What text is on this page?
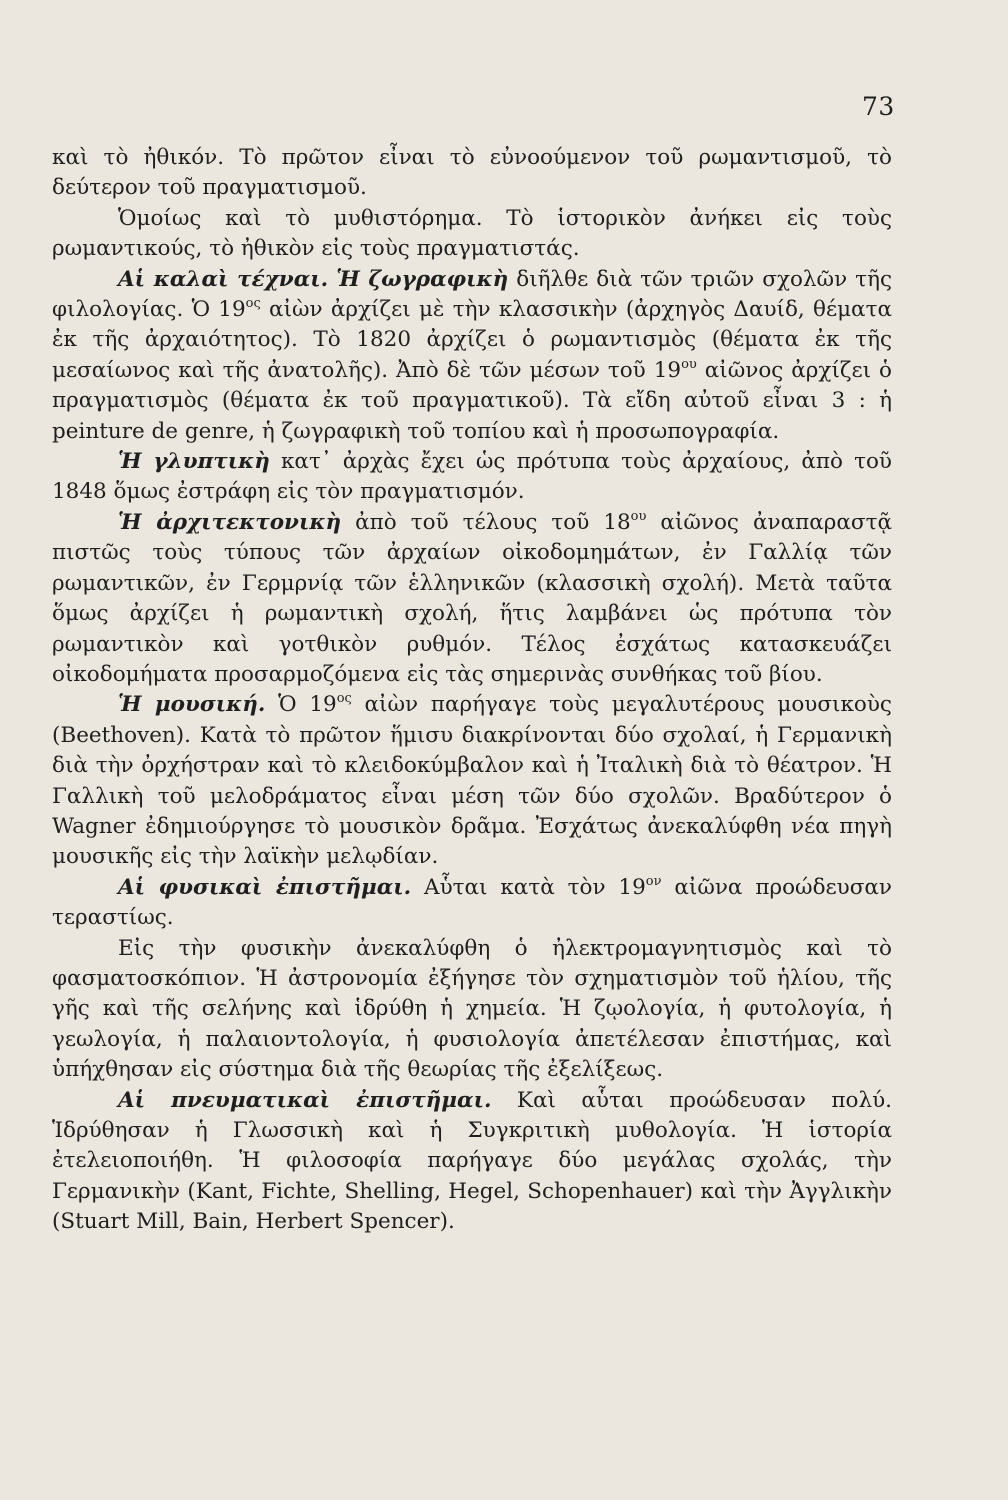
73

καὶ τὸ ἠθικόν. Τὸ πρῶτον εἶναι τὸ εὐνοούμενον τοῦ ρωμαντισμοῦ, τὸ δεύτερον τοῦ πραγματισμοῦ.

Ὁμοίως καὶ τὸ μυθιστόρημα. Τὸ ἱστορικὸν ἀνήκει εἰς τοὺς ρωμαντικούς, τὸ ἠθικὸν εἰς τοὺς πραγματιστάς.

Αἱ καλαὶ τέχναι. Ἡ ζωγραφικὴ διῆλθε διὰ τῶν τριῶν σχολῶν τῆς φιλολογίας. Ὁ $19^{o\varsigma}$ αἰὼν ἀρχίζει μὲ τὴν κλασσικὴν (ἀρχηγὸς Δαυίδ, θέματα ἐκ τῆς ἀρχαιότητος). Τὸ 1820 ἀρχίζει ὁ ρωμαντισμὸς (θέματα ἐκ τῆς μεσαίωνος καὶ τῆς ἀνατολῆς). Ἀπὸ δὲ τῶν μέσων τοῦ $19^{o\upsilon}$ αἰῶνος ἀρχίζει ὁ πραγματισμὸς (θέματα ἐκ τοῦ πραγματικοῦ). Τὰ εἴδη αὐτοῦ εἶναι 3 : ἡ peinture de genre, ἡ ζωγραφικὴ τοῦ τοπίου καὶ ἡ προσωπογραφία.

Ἡ γλυπτικὴ κατ᾽ ἀρχὰς ἔχει ὡς πρότυπα τοὺς ἀρχαίους, ἀπὸ τοῦ 1848 ὅμως ἐστράφη εἰς τὸν πραγματισμόν.

Ἡ ἀρχιτεκτονικὴ ἀπὸ τοῦ τέλους τοῦ $18^{o\upsilon}$ αἰῶνος ἀναπαραστᾷ πιστῶς τοὺς τύπους τῶν ἀρχαίων οἰκοδομημάτων, ἐν Γαλλίᾳ τῶν ρωμαντικῶν, ἐν Γερμρνίᾳ τῶν ἑλληνικῶν (κλασσικὴ σχολή). Μετὰ ταῦτα ὅμως ἀρχίζει ἡ ρωμαντικὴ σχολή, ἥτις λαμβάνει ὡς πρότυπα τὸν ρωμαντικὸν καὶ γοτθικὸν ρυθμόν. Τέλος ἐσχάτως κατασκευάζει οἰκοδομήματα προσαρμοζόμενα εἰς τὰς σημερινὰς συνθήκας τοῦ βίου.

Ἡ μουσική. Ὁ $19^{o\varsigma}$ αἰὼν παρήγαγε τοὺς μεγαλυτέρους μουσικοὺς (Beethoven). Κατὰ τὸ πρῶτον ἥμισυ διακρίνονται δύο σχολαί, ἡ Γερμανικὴ διὰ τὴν ὀρχήστραν καὶ τὸ κλειδοκύμβαλον καὶ ἡ Ἰταλικὴ διὰ τὸ θέατρον. Ἡ Γαλλικὴ τοῦ μελοδράματος εἶναι μέση τῶν δύο σχολῶν. Βραδύτερον ὁ Wagner ἐδημιούργησε τὸ μουσικὸν δρᾶμα. Ἐσχάτως ἀνεκαλύφθη νέα πηγὴ μουσικῆς εἰς τὴν λαϊκὴν μελῳδίαν.

Αἱ φυσικαὶ ἐπιστῆμαι. Αὗται κατὰ τὸν $19^{o\nu}$ αἰῶνα προώδευσαν τεραστίως.

Εἰς τὴν φυσικὴν ἀνεκαλύφθη ὁ ἠλεκτρομαγνητισμὸς καὶ τὸ φασματοσκόπιον. Ἡ ἀστρονομία ἐξήγησε τὸν σχηματισμὸν τοῦ ἡλίου, τῆς γῆς καὶ τῆς σελήνης καὶ ἱδρύθη ἡ χημεία. Ἡ ζῳολογία, ἡ φυτολογία, ἡ γεωλογία, ἡ παλαιοντολογία, ἡ φυσιολογία ἀπετέλεσαν ἐπιστήμας, καὶ ὑπήχθησαν εἰς σύστημα διὰ τῆς θεωρίας τῆς ἐξελίξεως.

Αἱ πνευματικαὶ ἐπιστῆμαι. Καὶ αὗται προώδευσαν πολύ. Ἱδρύθησαν ἡ Γλωσσικὴ καὶ ἡ Συγκριτικὴ μυθολογία. Ἡ ἱστορία ἐτελειοποιήθη. Ἡ φιλοσοφία παρήγαγε δύο μεγάλας σχολάς, τὴν Γερμανικὴν (Kant, Fichte, Shelling, Hegel, Schopenhauer) καὶ τὴν Ἀγγλικὴν (Stuart Mill, Bain, Herbert Spencer).
